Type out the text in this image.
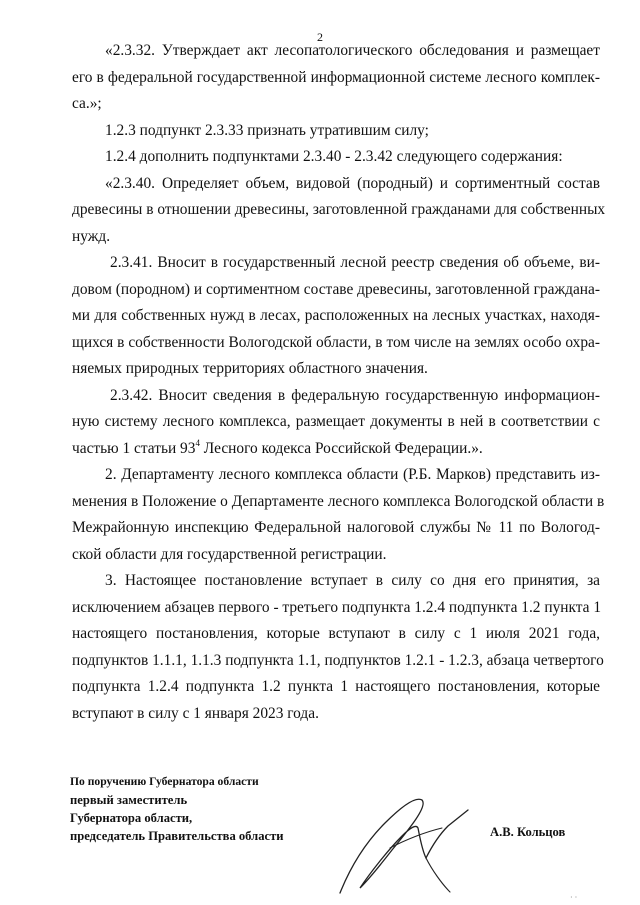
2
«2.3.32. Утверждает акт лесопатологического обследования и размещает
его в федеральной государственной информационной системе лесного комплек-
са.»;
1.2.3 подпункт 2.3.33 признать утратившим силу;
1.2.4 дополнить подпунктами 2.3.40 - 2.3.42 следующего содержания:
«2.3.40. Определяет объем, видовой (породный) и сортиментный состав
древесины в отношении древесины, заготовленной гражданами для собственных
нужд.
2.3.41. Вносит в государственный лесной реестр сведения об объеме, ви-
довом (породном) и сортиментном составе древесины, заготовленной граждана-
ми для собственных нужд в лесах, расположенных на лесных участках, находя-
щихся в собственности Вологодской области, в том числе на землях особо охра-
няемых природных территориях областного значения.
2.3.42. Вносит сведения в федеральную государственную информацион-
ную систему лесного комплекса, размещает документы в ней в соответствии с
частью 1 статьи $93^4$ Лесного кодекса Российской Федерации.».
2. Департаменту лесного комплекса области (Р.Б. Марков) представить из-
менения в Положение о Департаменте лесного комплекса Вологодской области в
Межрайонную инспекцию Федеральной налоговой службы № 11 по Вологод-
ской области для государственной регистрации.
3. Настоящее постановление вступает в силу со дня его принятия, за
исключением абзацев первого - третьего подпункта 1.2.4 подпункта 1.2 пункта 1
настоящего постановления, которые вступают в силу с 1 июля 2021 года,
подпунктов 1.1.1, 1.1.3 подпункта 1.1, подпунктов 1.2.1 - 1.2.3, абзаца четвертого
подпункта 1.2.4 подпункта 1.2 пункта 1 настоящего постановления, которые
вступают в силу с 1 января 2023 года.
По поручению Губернатора области
первый заместитель
Губернатора области,
председатель Правительства области	А.В. Кольцов
· ·
